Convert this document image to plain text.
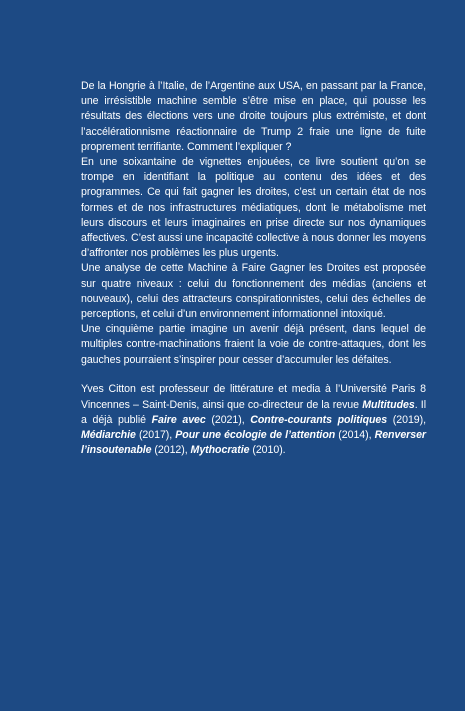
De la Hongrie à l’Italie, de l’Argentine aux USA, en passant par la France, une irrésistible machine semble s’être mise en place, qui pousse les résultats des élections vers une droite toujours plus extrémiste, et dont l’accélérationnisme réactionnaire de Trump 2 fraie une ligne de fuite proprement terrifiante. Comment l’expliquer ?

En une soixantaine de vignettes enjouées, ce livre soutient qu’on se trompe en identifiant la politique au contenu des idées et des programmes. Ce qui fait gagner les droites, c’est un certain état de nos formes et de nos infrastructures médiatiques, dont le métabolisme met leurs discours et leurs imaginaires en prise directe sur nos dynamiques affectives. C’est aussi une incapacité collective à nous donner les moyens d’affronter nos problèmes les plus urgents.

Une analyse de cette Machine à Faire Gagner les Droites est proposée sur quatre niveaux : celui du fonctionnement des médias (anciens et nouveaux), celui des attracteurs conspirationnistes, celui des échelles de perceptions, et celui d’un environnement informationnel intoxiqué.

Une cinquième partie imagine un avenir déjà présent, dans lequel de multiples contre-machinations fraient la voie de contre-attaques, dont les gauches pourraient s’inspirer pour cesser d’accumuler les défaites.

Yves Citton est professeur de littérature et media à l’Université Paris 8 Vincennes – Saint-Denis, ainsi que co-directeur de la revue Multitudes. Il a déjà publié Faire avec (2021), Contre-courants politiques (2019), Médiarchie (2017), Pour une écologie de l’attention (2014), Renverser l’insoutenable (2012), Mythocratie (2010).
